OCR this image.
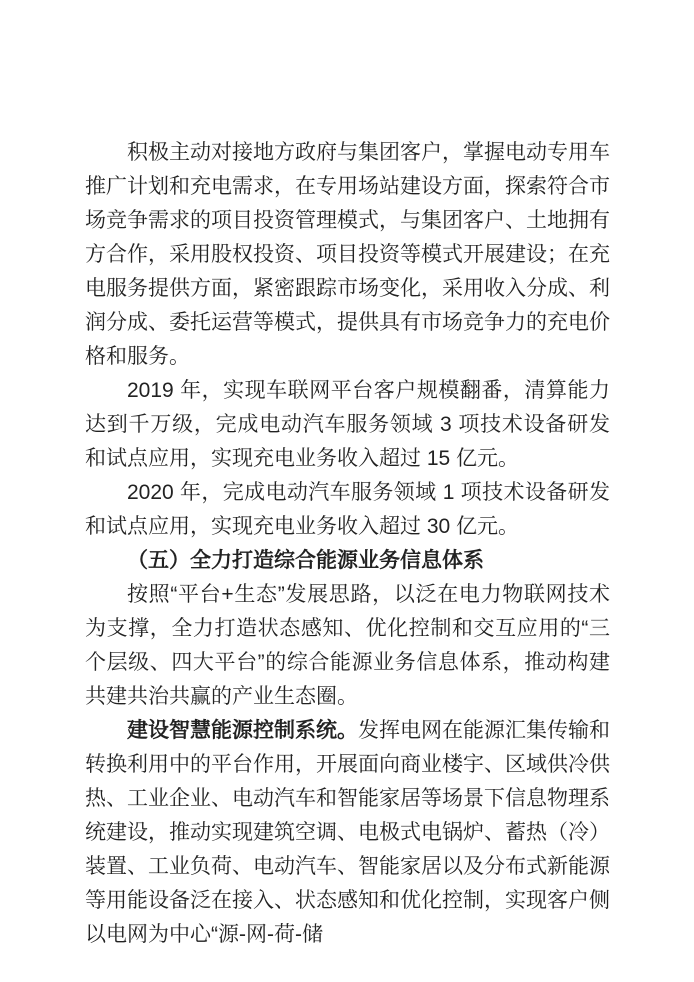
积极主动对接地方政府与集团客户，掌握电动专用车推广计划和充电需求，在专用场站建设方面，探索符合市场竞争需求的项目投资管理模式，与集团客户、土地拥有方合作，采用股权投资、项目投资等模式开展建设；在充电服务提供方面，紧密跟踪市场变化，采用收入分成、利润分成、委托运营等模式，提供具有市场竞争力的充电价格和服务。

2019 年，实现车联网平台客户规模翻番，清算能力达到千万级，完成电动汽车服务领域 3 项技术设备研发和试点应用，实现充电业务收入超过 15 亿元。

2020 年，完成电动汽车服务领域 1 项技术设备研发和试点应用，实现充电业务收入超过 30 亿元。

（五）全力打造综合能源业务信息体系

按照“平台+生态”发展思路，以泛在电力物联网技术为支撑，全力打造状态感知、优化控制和交互应用的“三个层级、四大平台”的综合能源业务信息体系，推动构建共建共治共赢的产业生态圈。

建设智慧能源控制系统。发挥电网在能源汇集传输和转换利用中的平台作用，开展面向商业楼宇、区域供冷供热、工业企业、电动汽车和智能家居等场景下信息物理系统建设，推动实现建筑空调、电极式电锅炉、蓄热（冷）装置、工业负荷、电动汽车、智能家居以及分布式新能源等用能设备泛在接入、状态感知和优化控制，实现客户侧以电网为中心“源-网-荷-储
